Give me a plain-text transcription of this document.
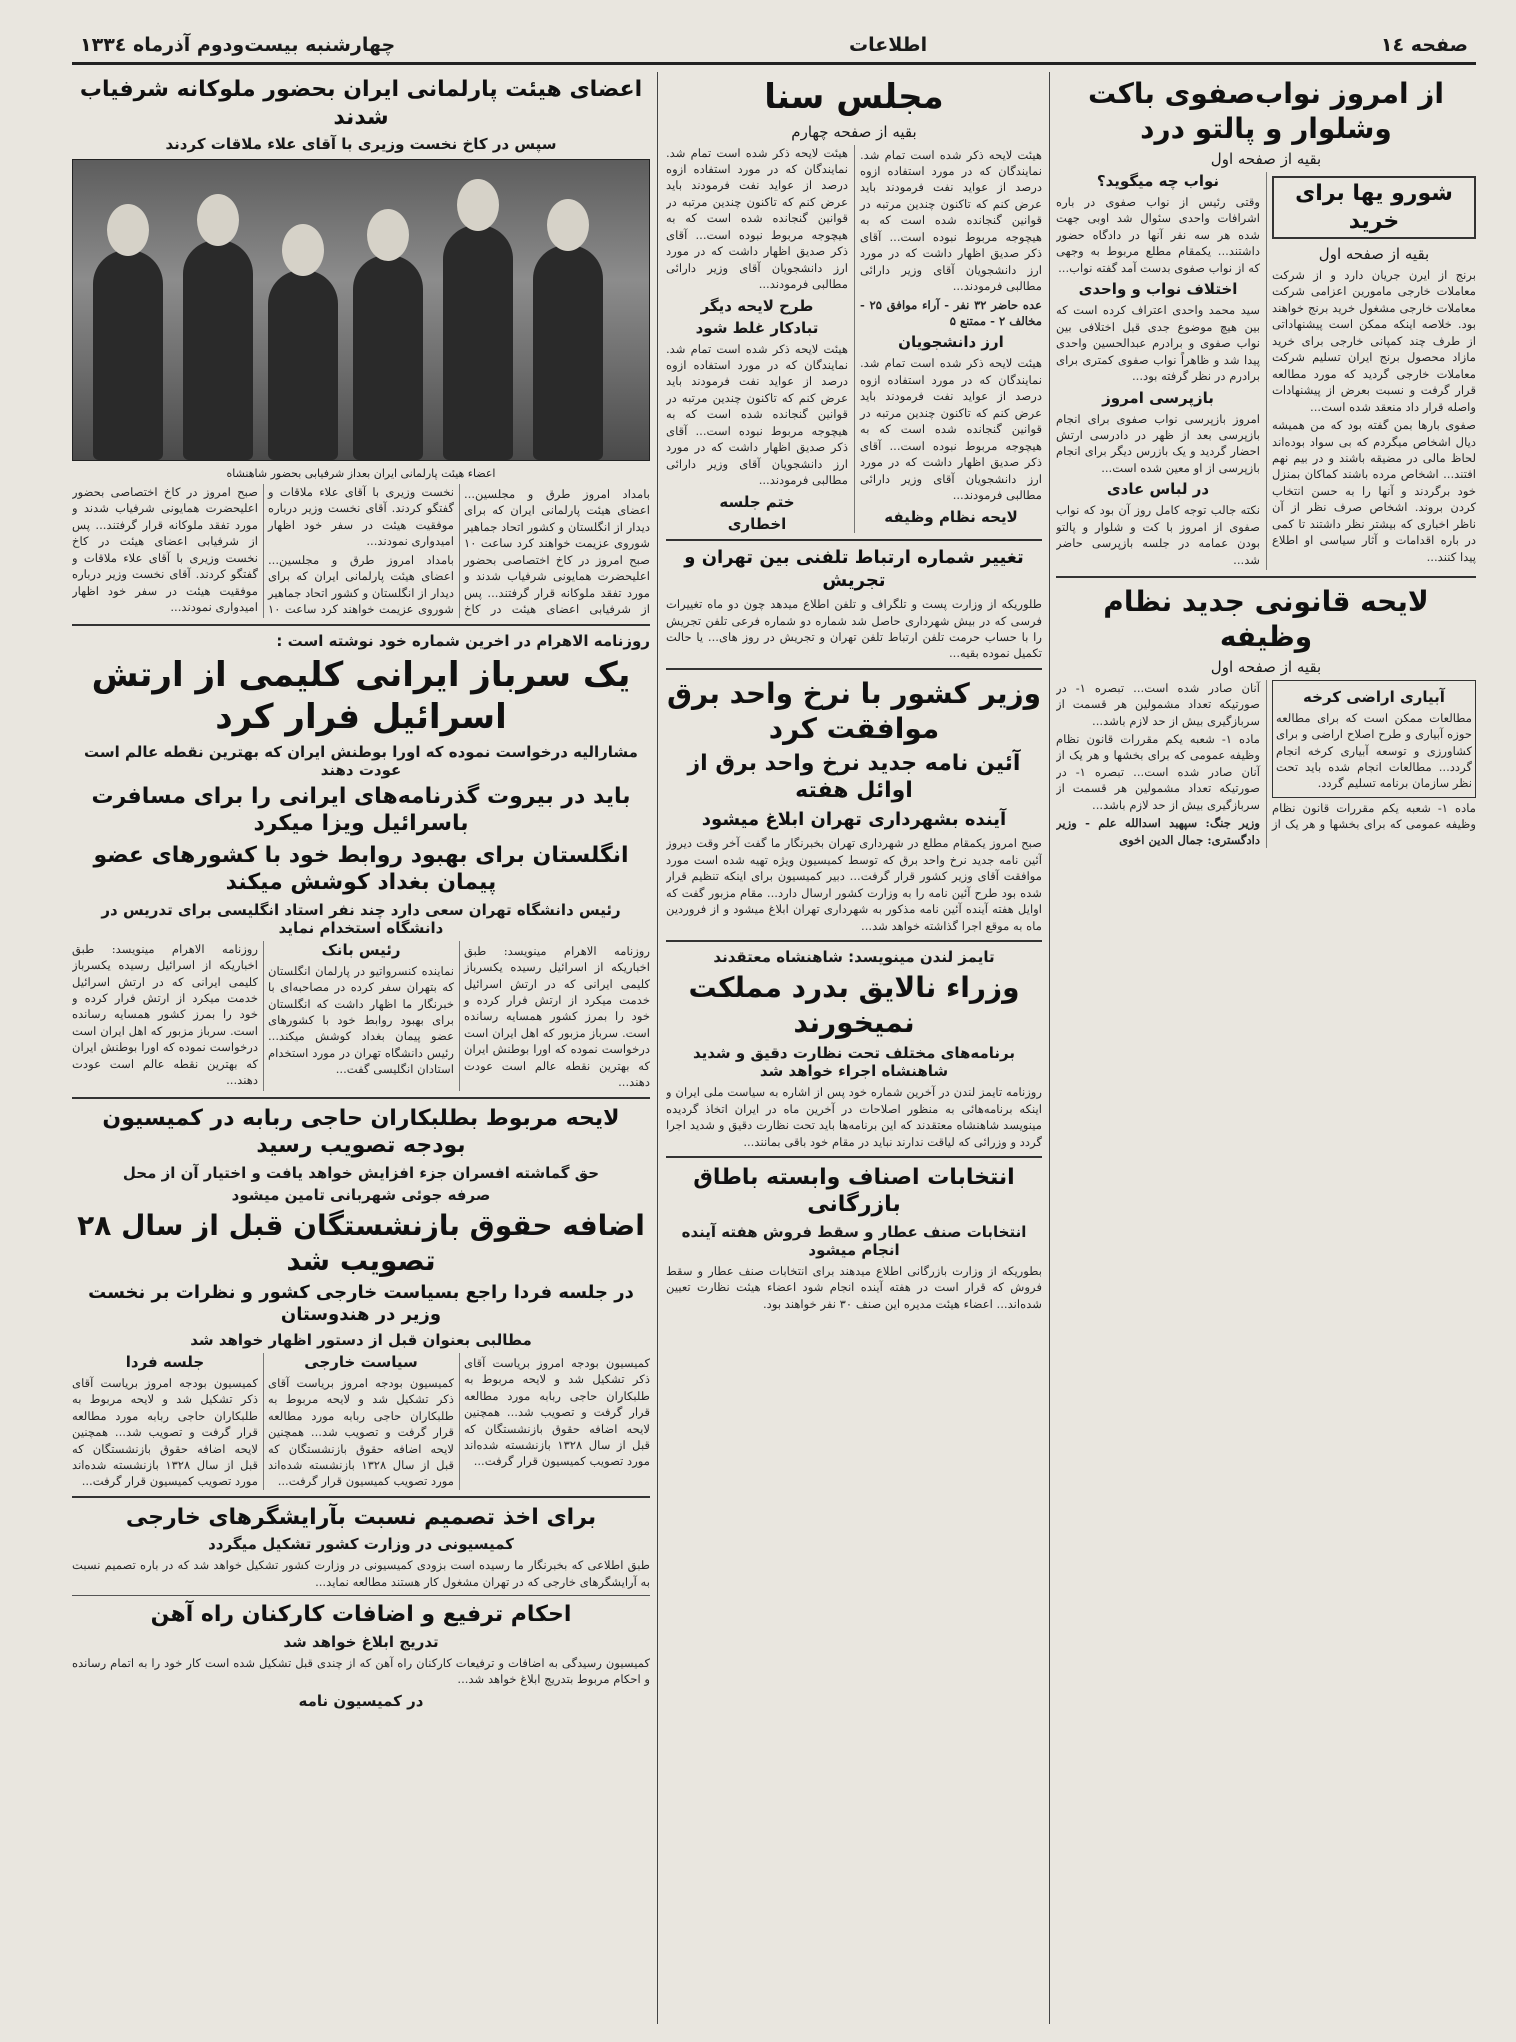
صفحه ۱٤
اطلاعات
چهارشنبه بیست‌ودوم آذرماه ۱۳۳٤
از امروز نواب‌صفوی باکت وشلوار و پالتو درد
بقیه از صفحه اول
شورو یها برای خرید
بقیه از صفحه اول

برنج از ایرن جریان دارد و از شرکت معاملات خارجی مامورین اعزامی شرکت معاملات خارجی مشغول خرید برنج خواهند بود. خلاصه اینکه ممکن است پیشنهاداتی از طرف چند کمپانی خارجی برای خرید مازاد محصول برنج ایران تسلیم شرکت معاملات خارجی گردید که مورد مطالعه قرار گرفت و نسبت بعرض از پیشنهادات واصله قرار داد منعقد شده است...

صفوی بارها بمن گفته بود که من همیشه دیال اشخاص میگردم که بی سواد بوده‌اند لحاظ مالی در مضیقه باشند و در بیم نهم افتند... اشخاص مرده باشند کماکان بمنزل خود برگردند و آنها را به حسن انتخاب کردن بروند. اشخاص صرف نظر از آن ناظر اخباری که بیشتر نظر داشتند تا کمی در باره اقدامات و آثار سیاسی او اطلاع پیدا کنند...

نواب چه میگوید؟

وقتی رئیس از نواب صفوی در باره اشرافات واحدی سئوال شد اوبی جهت شده هر سه نفر آنها در دادگاه حضور داشتند... یکمقام مطلع مربوط به وجهی که از نواب صفوی بدست آمد گفته نواب...

اختلاف نواب و واحدی

سید محمد واحدی اعتراف کرده است که بین هیچ موضوع جدی قبل اختلافی بین نواب صفوی و برادرم عبدالحسین واحدی پیدا شد و ظاهراً نواب صفوی کمتری برای برادرم در نظر گرفته بود...

بازپرسی امروز

امروز بازپرسی نواب صفوی برای انجام بازپرسی بعد از ظهر در دادرسی ارتش احضار گردید و یک بازرس دیگر برای انجام بازپرسی از او معین شده است...

در لباس عادی

نکته جالب توجه کامل روز آن بود که نواب صفوی از امروز با کت و شلوار و پالتو بودن عمامه در جلسه بازپرسی حاضر شد...

لایحه قانونی جدید نظام وظیفه
بقیه از صفحه اول
آبیاری اراضی کرخه

مطالعات ممکن است که برای مطالعه حوزه آبیاری و طرح اصلاح اراضی و برای کشاورزی و توسعه آبیاری کرخه انجام گردد... مطالعات انجام شده باید تحت نظر سازمان برنامه تسلیم گردد.

ماده ۱- شعبه یکم مقررات قانون نظام وظیفه عمومی که برای بخشها و هر یک از آنان صادر شده است... تبصره ۱- در صورتیکه تعداد مشمولین هر قسمت از سربازگیری بیش از حد لازم باشد...

ماده ۱- شعبه یکم مقررات قانون نظام وظیفه عمومی که برای بخشها و هر یک از آنان صادر شده است... تبصره ۱- در صورتیکه تعداد مشمولین هر قسمت از سربازگیری بیش از حد لازم باشد...

وزیر جنگ: سپهبد اسدالله علم - وزیر دادگستری: جمال الدین اخوی

مجلس سنا
بقیه از صفحه چهارم

هیئت لایحه ذکر شده است تمام شد. نمایندگان که در مورد استفاده ازوه درصد از عواید نفت فرمودند باید عرض کنم که تاکنون چندین مرتبه در قوانین گنجانده شده است که به هیچوجه مربوط نبوده است... آقای ذکر صدیق اظهار داشت که در مورد ارز دانشجویان آقای وزیر دارائی مطالبی فرمودند...

عده حاضر ۳۲ نفر - آراء موافق ۲۵ - مخالف ۲ - ممتنع ۵

ارز دانشجویان

هیئت لایحه ذکر شده است تمام شد. نمایندگان که در مورد استفاده ازوه درصد از عواید نفت فرمودند باید عرض کنم که تاکنون چندین مرتبه در قوانین گنجانده شده است که به هیچوجه مربوط نبوده است... آقای ذکر صدیق اظهار داشت که در مورد ارز دانشجویان آقای وزیر دارائی مطالبی فرمودند...

لایحه نظام وظیفه

هیئت لایحه ذکر شده است تمام شد. نمایندگان که در مورد استفاده ازوه درصد از عواید نفت فرمودند باید عرض کنم که تاکنون چندین مرتبه در قوانین گنجانده شده است که به هیچوجه مربوط نبوده است... آقای ذکر صدیق اظهار داشت که در مورد ارز دانشجویان آقای وزیر دارائی مطالبی فرمودند...

طرح لایحه دیگر
تبادکار غلط شود

هیئت لایحه ذکر شده است تمام شد. نمایندگان که در مورد استفاده ازوه درصد از عواید نفت فرمودند باید عرض کنم که تاکنون چندین مرتبه در قوانین گنجانده شده است که به هیچوجه مربوط نبوده است... آقای ذکر صدیق اظهار داشت که در مورد ارز دانشجویان آقای وزیر دارائی مطالبی فرمودند...

ختم جلسه
اخطاری
تغییر شماره ارتباط تلفنی بین تهران و تجریش

طلوریکه از وزارت پست و تلگراف و تلفن اطلاع میدهد چون دو ماه تغییرات فرسی که در بیش شهرداری حاصل شد شماره دو شماره فرعی تلفن تجریش را با حساب حرمت تلفن ارتباط تلفن تهران و تجریش در روز های... یا حالت تکمیل نموده بقیه...

وزیر کشور با نرخ واحد برق موافقت کرد
آئین نامه جدید نرخ واحد برق از اوائل هفته
آینده بشهرداری تهران ابلاغ میشود

صبح امروز یکمقام مطلع در شهرداری تهران بخبرنگار ما گفت آخر وقت دیروز آئین نامه جدید نرخ واحد برق که توسط کمیسیون ویژه تهیه شده است مورد موافقت آقای وزیر کشور قرار گرفت... دبیر کمیسیون برای اینکه تنظیم قرار شده بود طرح آئین نامه را به وزارت کشور ارسال دارد... مقام مزبور گفت که اوایل هفته آینده آئین نامه مذکور به شهرداری تهران ابلاغ میشود و از فروردین ماه به موقع اجرا گذاشته خواهد شد...

تایمز لندن مینویسد: شاهنشاه معتقدند
وزراء نالایق بدرد مملکت نمیخورند
برنامه‌های مختلف تحت نظارت دقیق و شدید شاهنشاه اجراء خواهد شد

روزنامه تایمز لندن در آخرین شماره خود پس از اشاره به سیاست ملی ایران و اینکه برنامه‌هائی به منظور اصلاحات در آخرین ماه در ایران اتخاذ گردیده مینویسد شاهنشاه معتقدند که این برنامه‌ها باید تحت نظارت دقیق و شدید اجرا گردد و وزرائی که لیاقت ندارند نباید در مقام خود باقی بمانند...

انتخابات اصناف وابسته باطاق بازرگانی
انتخابات صنف عطار و سقط فروش هفته آینده انجام میشود

بطوریکه از وزارت بازرگانی اطلاع میدهند برای انتخابات صنف عطار و سقط فروش که قرار است در هفته آینده انجام شود اعضاء هیئت نظارت تعیین شده‌اند... اعضاء هیئت مدیره این صنف ۳۰ نفر خواهند بود.

اعضای هیئت پارلمانی ایران بحضور ملوکانه شرفیاب شدند
سپس در کاخ نخست وزیری با آقای علاء ملاقات کردند
اعضاء هیئت پارلمانی ایران بعداز شرفیابی بحضور شاهنشاه

بامداد امروز طرق و مجلسین... اعضای هیئت پارلمانی ایران که برای دیدار از انگلستان و کشور اتحاد جماهیر شوروی عزیمت خواهند کرد ساعت ۱۰ صبح امروز در کاخ اختصاصی بحضور اعلیحضرت همایونی شرفیاب شدند و مورد تفقد ملوکانه قرار گرفتند... پس از شرفیابی اعضای هیئت در کاخ نخست وزیری با آقای علاء ملاقات و گفتگو کردند. آقای نخست وزیر درباره موفقیت هیئت در سفر خود اظهار امیدواری نمودند...

بامداد امروز طرق و مجلسین... اعضای هیئت پارلمانی ایران که برای دیدار از انگلستان و کشور اتحاد جماهیر شوروی عزیمت خواهند کرد ساعت ۱۰ صبح امروز در کاخ اختصاصی بحضور اعلیحضرت همایونی شرفیاب شدند و مورد تفقد ملوکانه قرار گرفتند... پس از شرفیابی اعضای هیئت در کاخ نخست وزیری با آقای علاء ملاقات و گفتگو کردند. آقای نخست وزیر درباره موفقیت هیئت در سفر خود اظهار امیدواری نمودند...

روزنامه الاهرام در اخرین شماره خود نوشته است :
یک سرباز ایرانی کلیمی از ارتش اسرائیل فرار کرد
مشارالیه درخواست نموده که اورا بوطنش ایران که بهترین نقطه عالم است عودت دهند
باید در بیروت گذرنامه‌های ایرانی را برای مسافرت باسرائیل ویزا میکرد
انگلستان برای بهبود روابط خود با کشورهای عضو پیمان بغداد کوشش میکند
رئیس دانشگاه تهران سعی دارد چند نفر استاد انگلیسی برای تدریس در دانشگاه استخدام نماید

روزنامه الاهرام مینویسد: طبق اخباریکه از اسرائیل رسیده یکسرباز کلیمی ایرانی که در ارتش اسرائیل خدمت میکرد از ارتش فرار کرده و خود را بمرز کشور همسایه رسانده است. سرباز مزبور که اهل ایران است درخواست نموده که اورا بوطنش ایران که بهترین نقطه عالم است عودت دهند...

رئیس بانک

نماینده کنسرواتیو در پارلمان انگلستان که بتهران سفر کرده در مصاحبه‌ای با خبرنگار ما اظهار داشت که انگلستان برای بهبود روابط خود با کشورهای عضو پیمان بغداد کوشش میکند... رئیس دانشگاه تهران در مورد استخدام استادان انگلیسی گفت...

روزنامه الاهرام مینویسد: طبق اخباریکه از اسرائیل رسیده یکسرباز کلیمی ایرانی که در ارتش اسرائیل خدمت میکرد از ارتش فرار کرده و خود را بمرز کشور همسایه رسانده است. سرباز مزبور که اهل ایران است درخواست نموده که اورا بوطنش ایران که بهترین نقطه عالم است عودت دهند...

لایحه مربوط بطلبکاران حاجی ربابه در کمیسیون بودجه تصویب رسید
حق گماشته افسران جزء افزایش خواهد یافت و اختیار آن از محل
صرفه جوئی شهربانی تامین میشود
اضافه حقوق بازنشستگان قبل از سال ۲۸ تصویب شد
در جلسه فردا راجع بسیاست خارجی کشور و نظرات بر نخست وزیر در هندوستان
مطالبی بعنوان قبل از دستور اظهار خواهد شد

کمیسیون بودجه امروز بریاست آقای ذکر تشکیل شد و لایحه مربوط به طلبکاران حاجی ربابه مورد مطالعه قرار گرفت و تصویب شد... همچنین لایحه اضافه حقوق بازنشستگان که قبل از سال ۱۳۲۸ بازنشسته شده‌اند مورد تصویب کمیسیون قرار گرفت...

سیاست خارجی

کمیسیون بودجه امروز بریاست آقای ذکر تشکیل شد و لایحه مربوط به طلبکاران حاجی ربابه مورد مطالعه قرار گرفت و تصویب شد... همچنین لایحه اضافه حقوق بازنشستگان که قبل از سال ۱۳۲۸ بازنشسته شده‌اند مورد تصویب کمیسیون قرار گرفت...

جلسه فردا

کمیسیون بودجه امروز بریاست آقای ذکر تشکیل شد و لایحه مربوط به طلبکاران حاجی ربابه مورد مطالعه قرار گرفت و تصویب شد... همچنین لایحه اضافه حقوق بازنشستگان که قبل از سال ۱۳۲۸ بازنشسته شده‌اند مورد تصویب کمیسیون قرار گرفت...

برای اخذ تصمیم نسبت بآرایشگرهای خارجی
کمیسیونی در وزارت کشور تشکیل میگردد

طبق اطلاعی که بخبرنگار ما رسیده است بزودی کمیسیونی در وزارت کشور تشکیل خواهد شد که در باره تصمیم نسبت به آرایشگرهای خارجی که در تهران مشغول کار هستند مطالعه نماید...

احکام ترفیع و اضافات کارکنان راه آهن
تدریج ابلاغ خواهد شد

کمیسیون رسیدگی به اضافات و ترفیعات کارکنان راه آهن که از چندی قبل تشکیل شده است کار خود را به اتمام رسانده و احکام مربوط بتدریج ابلاغ خواهد شد...

در کمیسیون نامه
